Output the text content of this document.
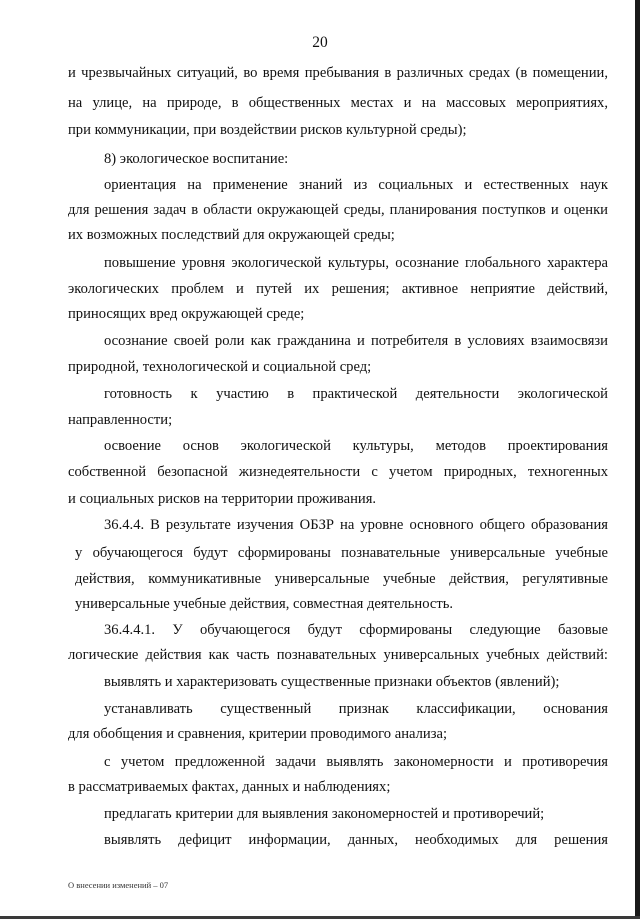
20
и чрезвычайных ситуаций, во время пребывания в различных средах (в помещении,
на улице, на природе, в общественных местах и на массовых мероприятиях,
при коммуникации, при воздействии рисков культурной среды);
8) экологическое воспитание:
ориентация на применение знаний из социальных и естественных наук
для решения задач в области окружающей среды, планирования поступков и оценки
их возможных последствий для окружающей среды;
повышение уровня экологической культуры, осознание глобального характера
экологических проблем и путей их решения; активное неприятие действий,
приносящих вред окружающей среде;
осознание своей роли как гражданина и потребителя в условиях взаимосвязи
природной, технологической и социальной сред;
готовность к участию в практической деятельности экологической
направленности;
освоение основ экологической культуры, методов проектирования
собственной безопасной жизнедеятельности с учетом природных, техногенных
и социальных рисков на территории проживания.
36.4.4. В результате изучения ОБЗР на уровне основного общего образования
у обучающегося будут сформированы познавательные универсальные учебные
действия, коммуникативные универсальные учебные действия, регулятивные
универсальные учебные действия, совместная деятельность.
36.4.4.1. У обучающегося будут сформированы следующие базовые
логические действия как часть познавательных универсальных учебных действий:
выявлять и характеризовать существенные признаки объектов (явлений);
устанавливать существенный признак классификации, основания
для обобщения и сравнения, критерии проводимого анализа;
с учетом предложенной задачи выявлять закономерности и противоречия
в рассматриваемых фактах, данных и наблюдениях;
предлагать критерии для выявления закономерностей и противоречий;
выявлять дефицит информации, данных, необходимых для решения
О внесении изменений – 07
